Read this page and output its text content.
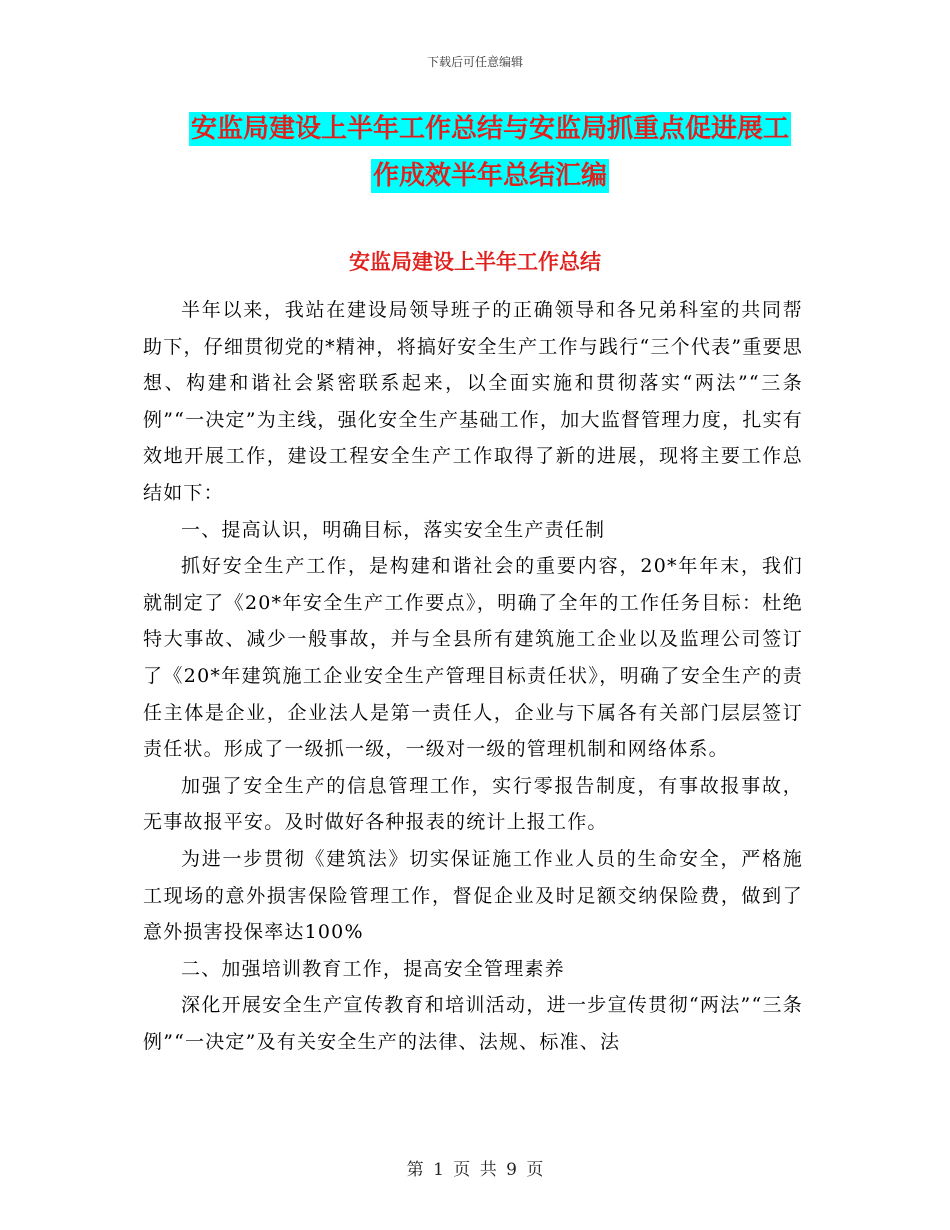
下载后可任意编辑
安监局建设上半年工作总结与安监局抓重点促进展工
作成效半年总结汇编
安监局建设上半年工作总结

半年以来，我站在建设局领导班子的正确领导和各兄弟科室的共同帮助下，仔细贯彻党的*精神，将搞好安全生产工作与践行“三个代表”重要思想、构建和谐社会紧密联系起来，以全面实施和贯彻落实“两法”“三条例”“一决定”为主线，强化安全生产基础工作，加大监督管理力度，扎实有效地开展工作，建设工程安全生产工作取得了新的进展，现将主要工作总结如下：

一、提高认识，明确目标，落实安全生产责任制

抓好安全生产工作，是构建和谐社会的重要内容，20*年年末，我们就制定了《20*年安全生产工作要点》，明确了全年的工作任务目标：杜绝特大事故、减少一般事故，并与全县所有建筑施工企业以及监理公司签订了《20*年建筑施工企业安全生产管理目标责任状》，明确了安全生产的责任主体是企业，企业法人是第一责任人，企业与下属各有关部门层层签订责任状。形成了一级抓一级，一级对一级的管理机制和网络体系。

加强了安全生产的信息管理工作，实行零报告制度，有事故报事故，无事故报平安。及时做好各种报表的统计上报工作。

为进一步贯彻《建筑法》切实保证施工作业人员的生命安全，严格施工现场的意外损害保险管理工作，督促企业及时足额交纳保险费，做到了意外损害投保率达100%

二、加强培训教育工作，提高安全管理素养

深化开展安全生产宣传教育和培训活动，进一步宣传贯彻“两法”“三条例”“一决定”及有关安全生产的法律、法规、标准、法

第 1 页 共 9 页
